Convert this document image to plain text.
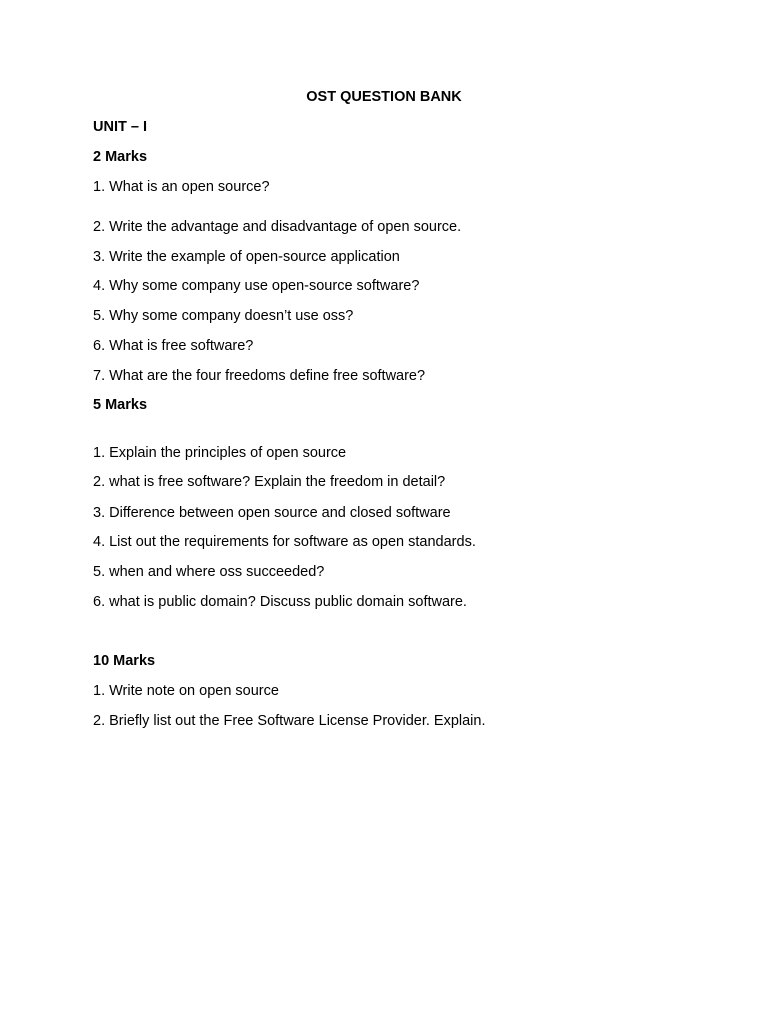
OST QUESTION BANK
UNIT – I
2 Marks
1. What is an open source?
2. Write the advantage and disadvantage of open source.
3. Write the example of open-source application
4. Why some company use open-source software?
5. Why some company doesn’t use oss?
6. What is free software?
7. What are the four freedoms define free software?
5 Marks
1. Explain the principles of open source
2. what is free software? Explain the freedom in detail?
3. Difference between open source and closed software
4. List out the requirements for software as open standards.
5. when and where oss succeeded?
6. what is public domain? Discuss public domain software.
10 Marks
1. Write note on open source
2. Briefly list out the Free Software License Provider. Explain.
